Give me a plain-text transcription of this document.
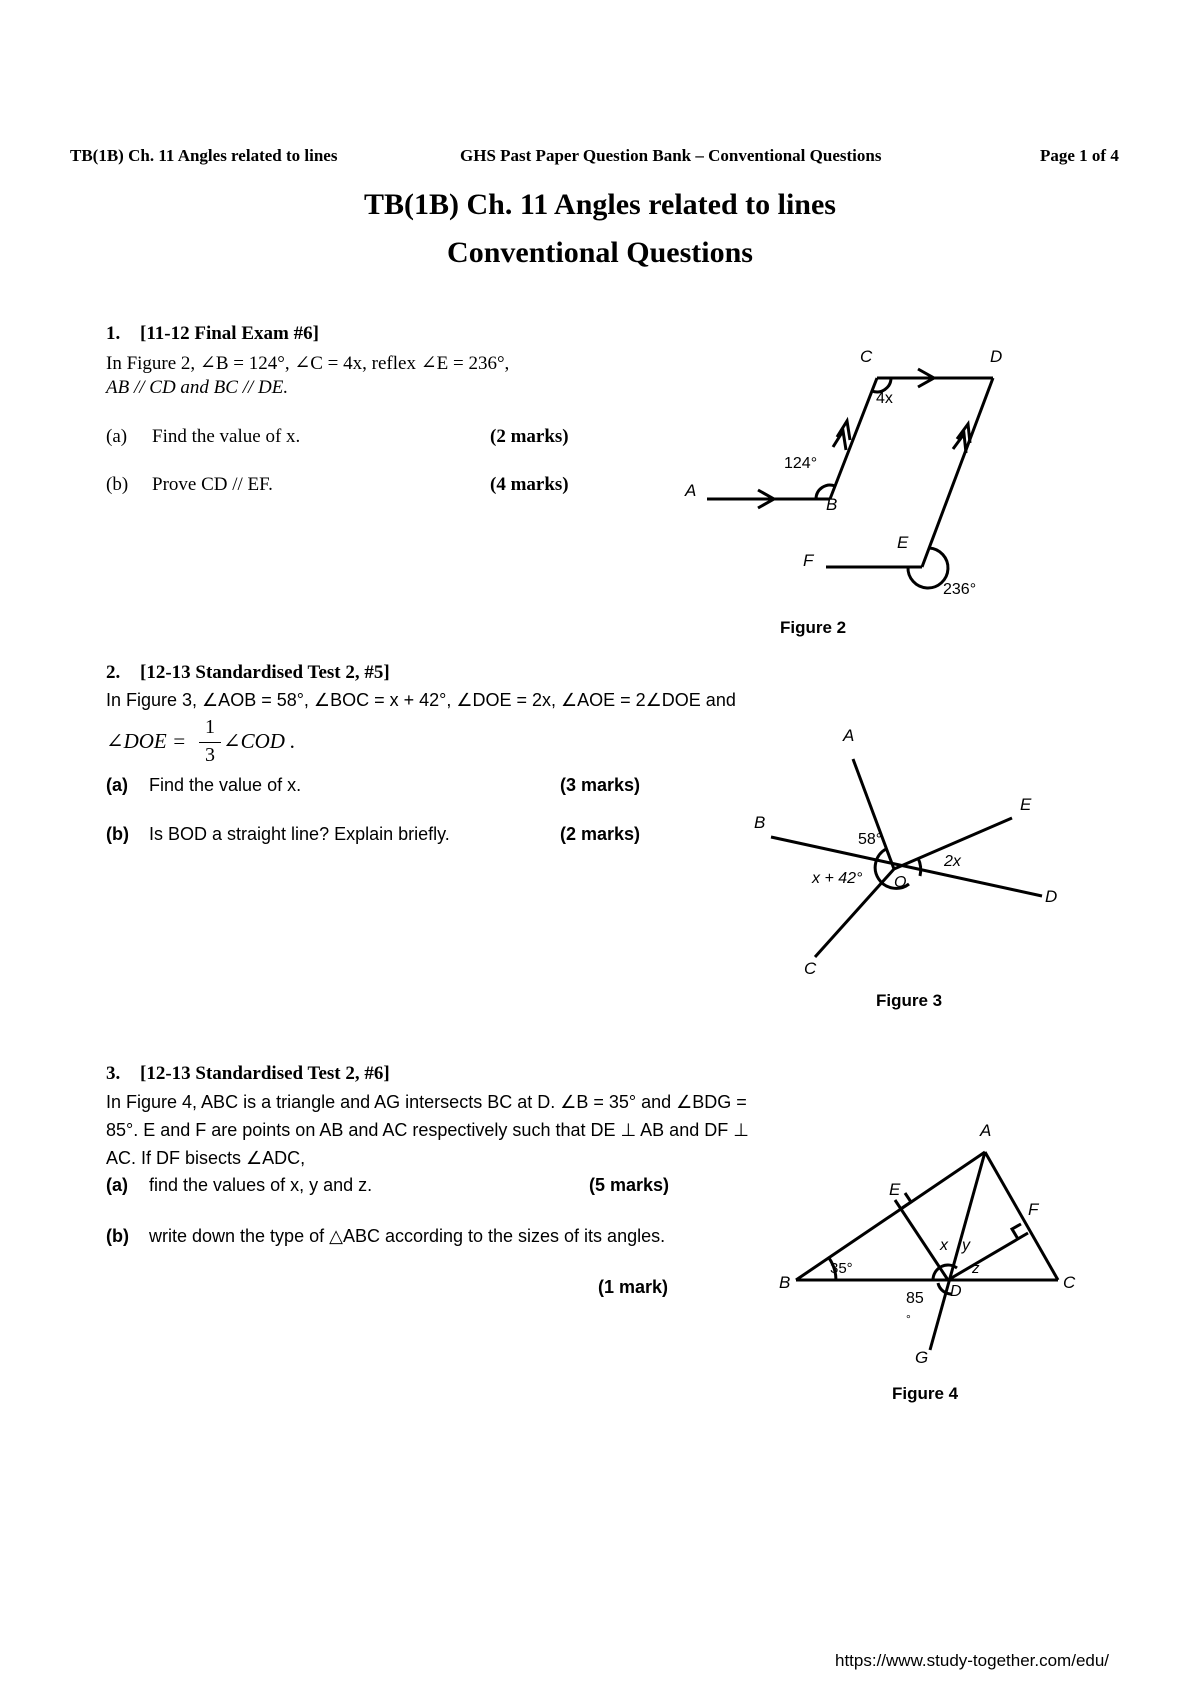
TB(1B) Ch. 11 Angles related to lines	GHS Past Paper Question Bank – Conventional Questions	Page 1 of 4
TB(1B) Ch. 11 Angles related to lines
Conventional Questions
1. [11-12 Final Exam #6]
In Figure 2, ∠B = 124°, ∠C = 4x, reflex ∠E = 236°,
AB // CD and BC // DE.
(a) Find the value of x.	(2 marks)
(b) Prove CD // EF.	(4 marks)	A
B
C	D
E
F
124°
4x
236°
Figure 2
2. [12-13 Standardised Test 2, #5]
In Figure 3, ∠AOB = 58°, ∠BOC = x + 42°, ∠DOE = 2x, ∠AOE = 2∠DOE and
∠DOE =
1
3
∠COD .
(a) Find the value of x.	(3 marks)
(b) Is BOD a straight line? Explain briefly.	(2 marks)
A
B
C
D
E
O
58°
x + 42°
2x
Figure 3
3. [12-13 Standardised Test 2, #6]
In Figure 4, ABC is a triangle and AG intersects BC at D. ∠B = 35° and ∠BDG =
85°. E and F are points on AB and AC respectively such that DE ⊥ AB and DF ⊥
AC. If DF bisects ∠ADC,
(a) find the values of x, y and z.	(5 marks)
(b) write down the type of △ABC according to the sizes of its angles.
(1 mark)
A
B	C
D
E
F
G
35°
85
°
x y
z
Figure 4
https://www.study-together.com/edu/
